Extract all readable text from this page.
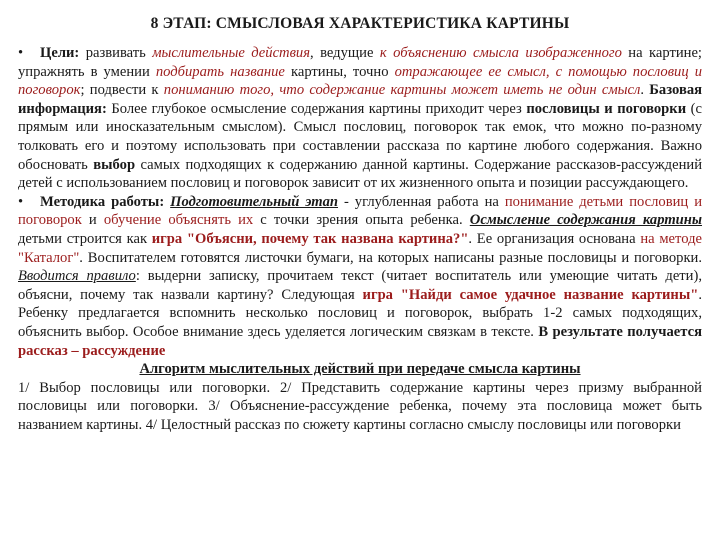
8 ЭТАП: СМЫСЛОВАЯ ХАРАКТЕРИСТИКА КАРТИНЫ

• Цели: развивать мыслительные действия, ведущие к объяснению смысла изображенного на картине; упражнять в умении подбирать название картины, точно отражающее ее смысл, с помощью пословиц и поговорок; подвести к пониманию того, что содержание картины может иметь не один смысл. Базовая информация: Более глубокое осмысление содержания картины приходит через пословицы и поговорки (с прямым или иносказательным смыслом). Смысл пословиц, поговорок так емок, что можно по-разному толковать его и поэтому использовать при составлении рассказа по картине любого содержания. Важно обосновать выбор самых подходящих к содержанию данной картины. Содержание рассказов-рассуждений детей с использованием пословиц и поговорок зависит от их жизненного опыта и позиции рассуждающего.

• Методика работы: Подготовительный этап - углубленная работа на понимание детьми пословиц и поговорок и обучение объяснять их с точки зрения опыта ребенка. Осмысление содержания картины детьми строится как игра "Объясни, почему так названа картина?". Ее организация основана на методе "Каталог". Воспитателем готовятся листочки бумаги, на которых написаны разные пословицы и поговорки. Вводится правило: выдерни записку, прочитаем текст (читает воспитатель или умеющие читать дети), объясни, почему так назвали картину? Следующая игра "Найди самое удачное название картины". Ребенку предлагается вспомнить несколько пословиц и поговорок, выбрать 1-2 самых подходящих, объяснить выбор. Особое внимание здесь уделяется логическим связкам в тексте. В результате получается рассказ – рассуждение

Алгоритм мыслительных действий при передаче смысла картины

1/ Выбор пословицы или поговорки. 2/ Представить содержание картины через призму выбранной пословицы или поговорки. 3/ Объяснение-рассуждение ребенка, почему эта пословица может быть названием картины. 4/ Целостный рассказ по сюжету картины согласно смыслу пословицы или поговорки
